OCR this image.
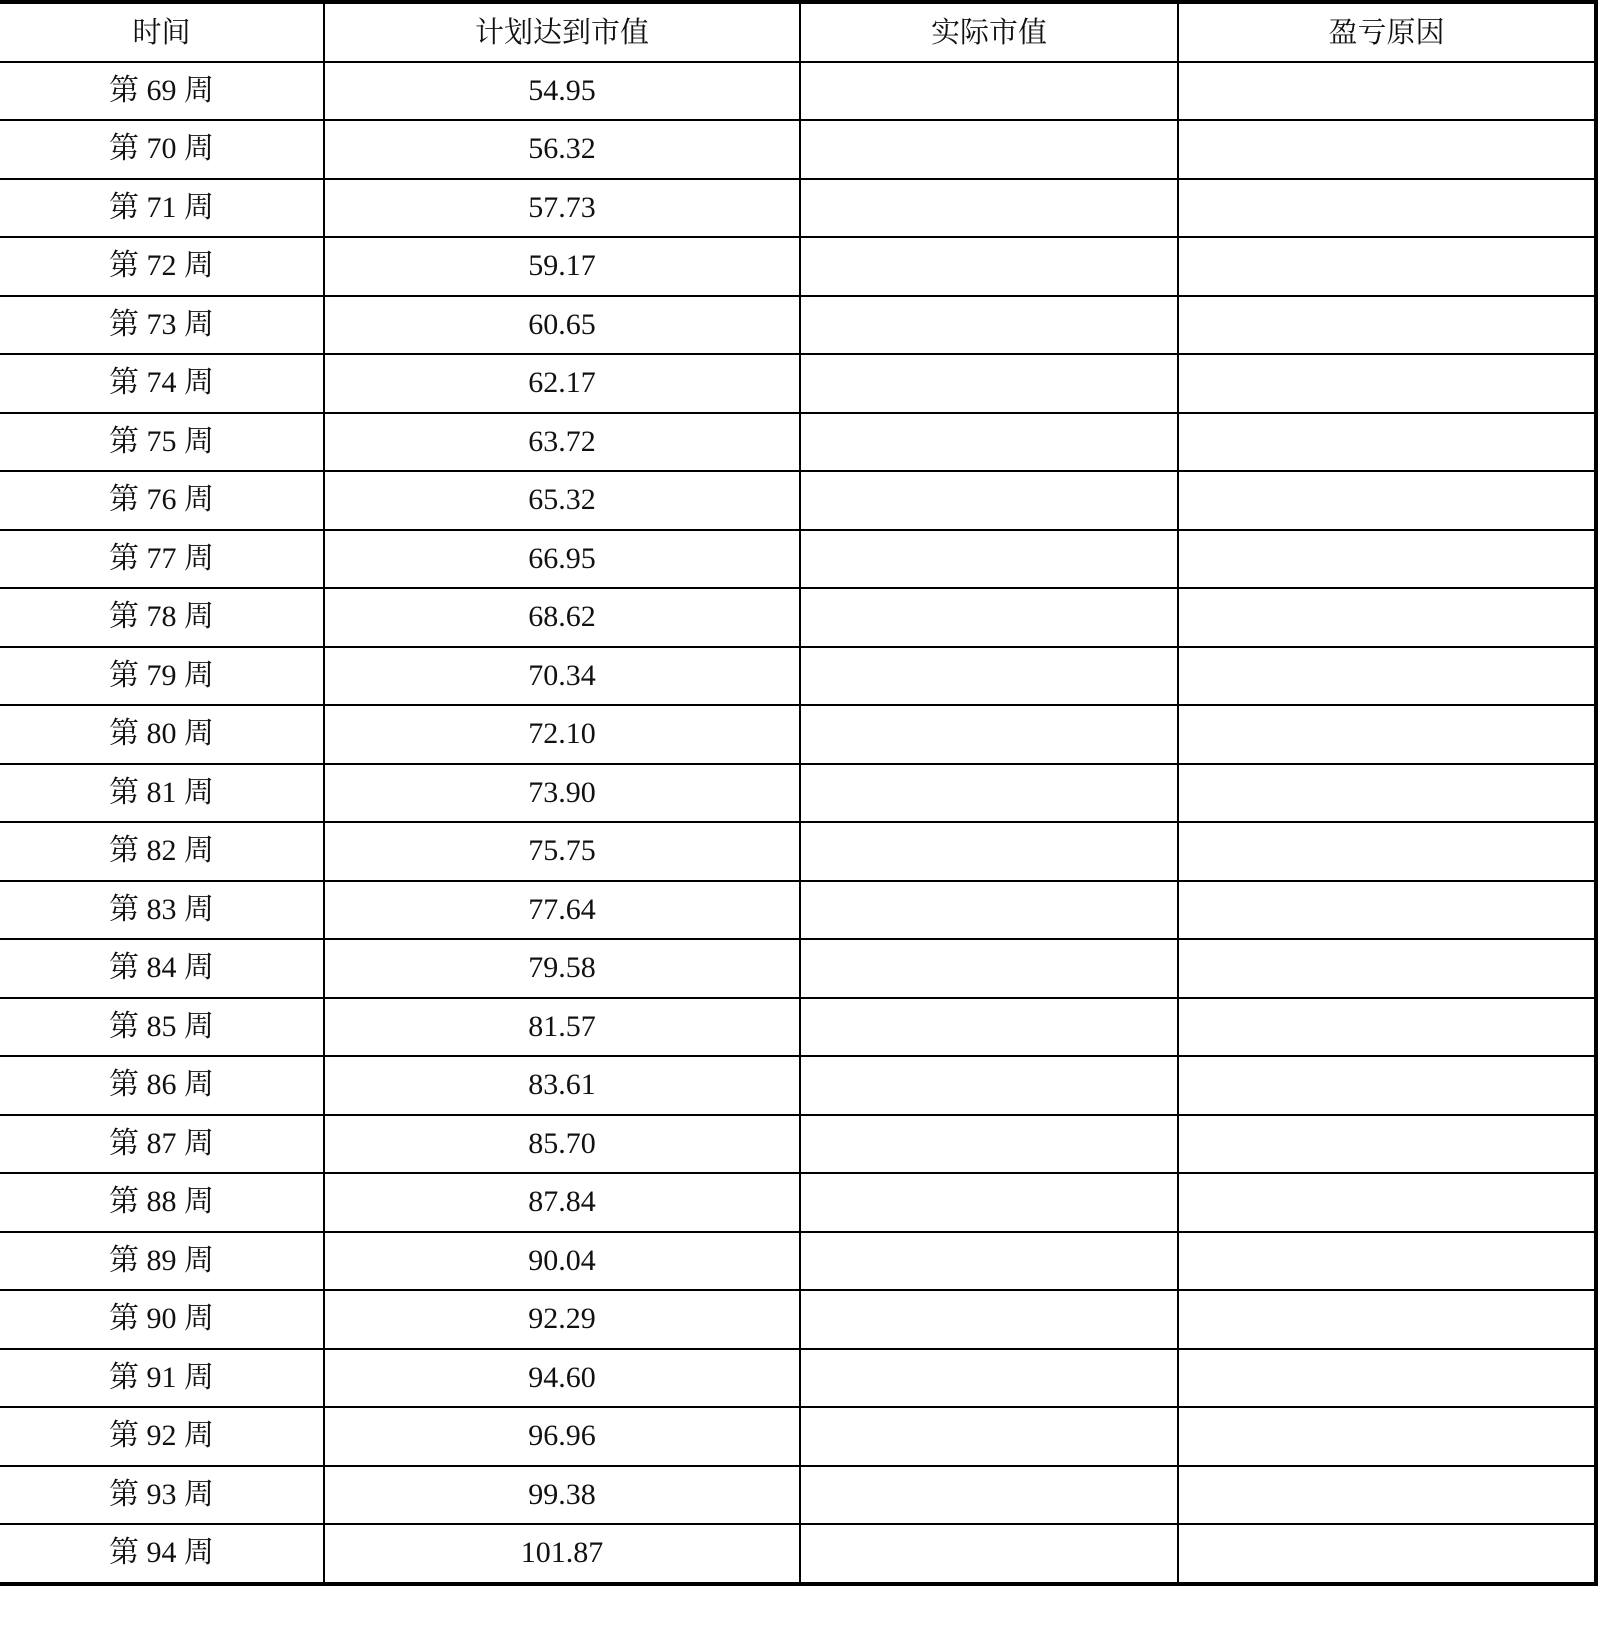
时间	计划达到市值	实际市值	盈亏原因
第 69 周	54.95		
第 70 周	56.32		
第 71 周	57.73		
第 72 周	59.17		
第 73 周	60.65		
第 74 周	62.17		
第 75 周	63.72		
第 76 周	65.32		
第 77 周	66.95		
第 78 周	68.62		
第 79 周	70.34		
第 80 周	72.10		
第 81 周	73.90		
第 82 周	75.75		
第 83 周	77.64		
第 84 周	79.58		
第 85 周	81.57		
第 86 周	83.61		
第 87 周	85.70		
第 88 周	87.84		
第 89 周	90.04		
第 90 周	92.29		
第 91 周	94.60		
第 92 周	96.96		
第 93 周	99.38		
第 94 周	101.87		
